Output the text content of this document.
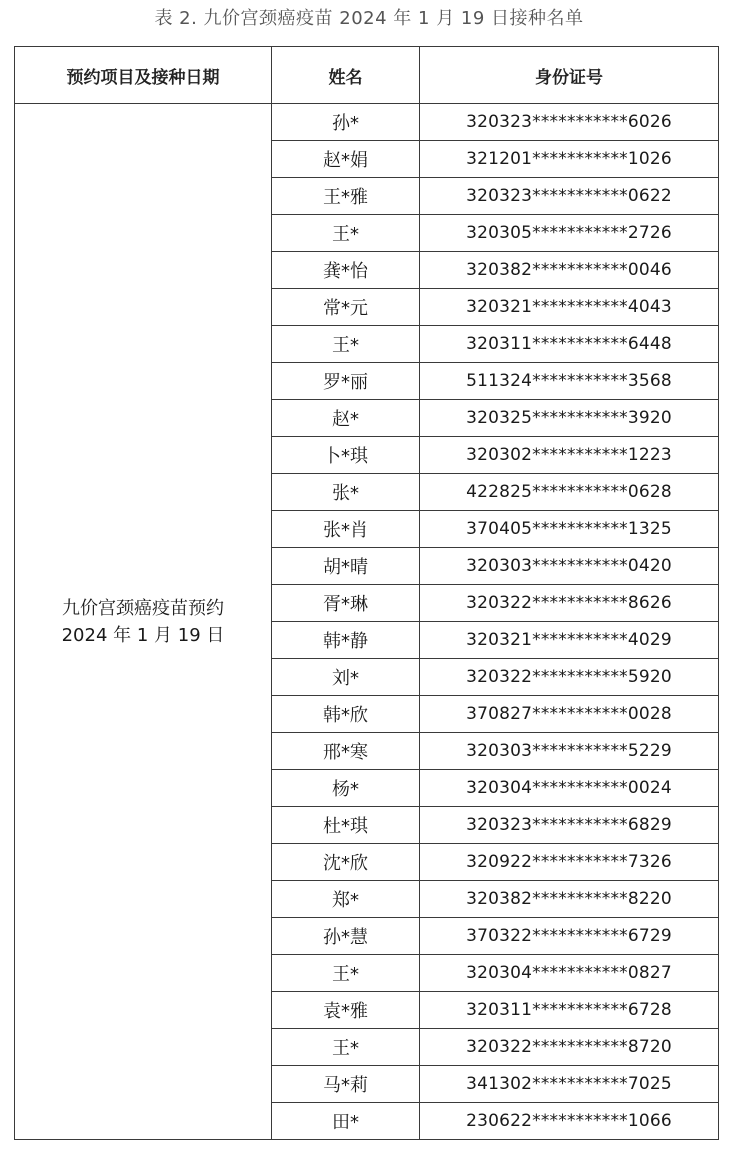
表 2. 九价宫颈癌疫苗 2024 年 1 月 19 日接种名单
预约项目及接种日期	姓名	身份证号

九价宫颈癌疫苗预约
2024 年 1 月 19 日	孙*	320323***********6026
	赵*娟	321201***********1026
	王*雅	320323***********0622
	王*	320305***********2726
	龚*怡	320382***********0046
	常*元	320321***********4043
	王*	320311***********6448
	罗*丽	511324***********3568
	赵*	320325***********3920
	卜*琪	320302***********1223
	张*	422825***********0628
	张*肖	370405***********1325
	胡*晴	320303***********0420
	胥*琳	320322***********8626
	韩*静	320321***********4029
	刘*	320322***********5920
	韩*欣	370827***********0028
	邢*寒	320303***********5229
	杨*	320304***********0024
	杜*琪	320323***********6829
	沈*欣	320922***********7326
	郑*	320382***********8220
	孙*慧	370322***********6729
	王*	320304***********0827
	袁*雅	320311***********6728
	王*	320322***********8720
	马*莉	341302***********7025
	田*	230622***********1066
